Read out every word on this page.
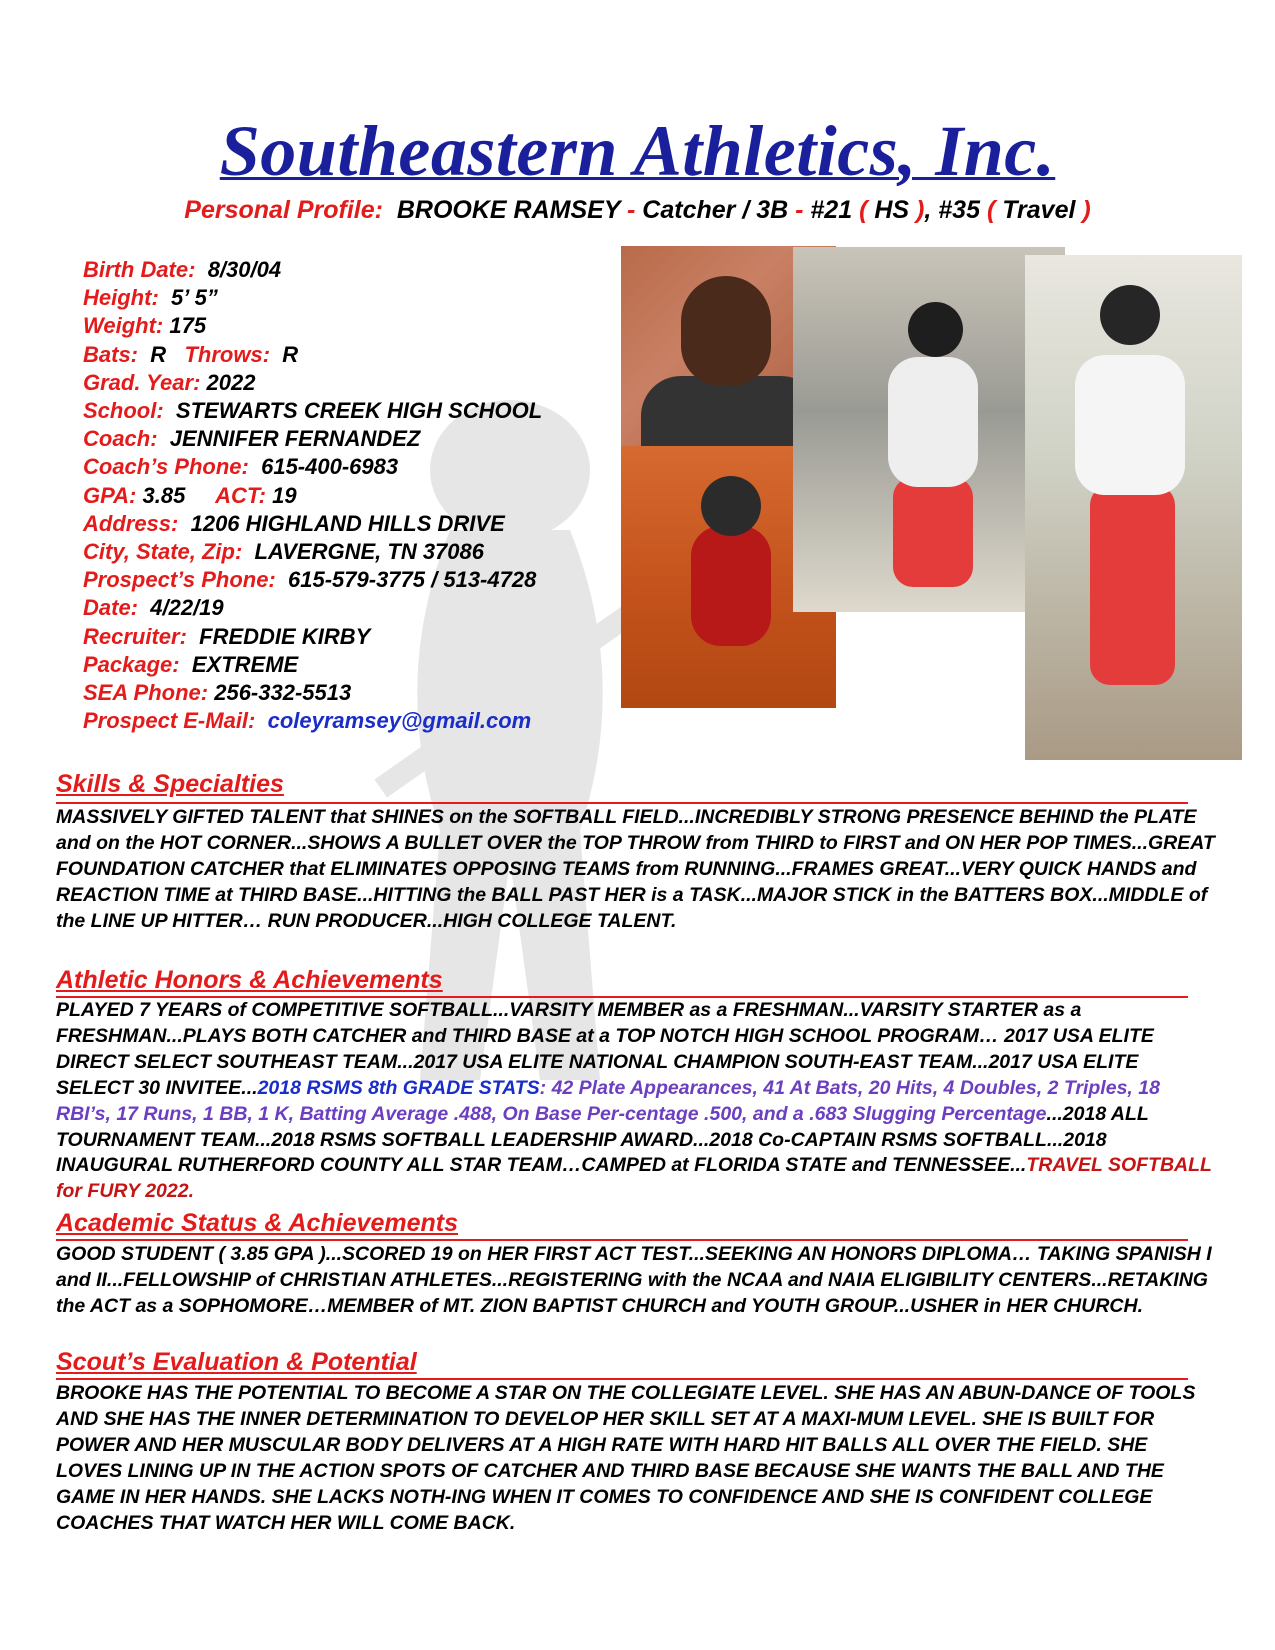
Southeastern Athletics, Inc.
Personal Profile: BROOKE RAMSEY - Catcher / 3B - #21 ( HS ), #35 ( Travel )
Birth Date: 8/30/04
Height: 5’ 5”
Weight: 175
Bats: R Throws: R
Grad. Year: 2022
School: STEWARTS CREEK HIGH SCHOOL
Coach: JENNIFER FERNANDEZ
Coach’s Phone: 615-400-6983
GPA: 3.85 ACT: 19
Address: 1206 HIGHLAND HILLS DRIVE
City, State, Zip: LAVERGNE, TN 37086
Prospect’s Phone: 615-579-3775 / 513-4728
Date: 4/22/19
Recruiter: FREDDIE KIRBY
Package: EXTREME
SEA Phone: 256-332-5513
Prospect E-Mail: coleyramsey@gmail.com
Skills & Specialties
MASSIVELY GIFTED TALENT that SHINES on the SOFTBALL FIELD...INCREDIBLY STRONG PRESENCE BEHIND the PLATE and on the HOT CORNER...SHOWS A BULLET OVER the TOP THROW from THIRD to FIRST and ON HER POP TIMES...GREAT FOUNDATION CATCHER that ELIMINATES OPPOSING TEAMS from RUNNING...FRAMES GREAT...VERY QUICK HANDS and REACTION TIME at THIRD BASE...HITTING the BALL PAST HER is a TASK...MAJOR STICK in the BATTERS BOX...MIDDLE of the LINE UP HITTER… RUN PRODUCER...HIGH COLLEGE TALENT.
Athletic Honors & Achievements
PLAYED 7 YEARS of COMPETITIVE SOFTBALL...VARSITY MEMBER as a FRESHMAN...VARSITY STARTER as a FRESHMAN...PLAYS BOTH CATCHER and THIRD BASE at a TOP NOTCH HIGH SCHOOL PROGRAM… 2017 USA ELITE DIRECT SELECT SOUTHEAST TEAM...2017 USA ELITE NATIONAL CHAMPION SOUTH-EAST TEAM...2017 USA ELITE SELECT 30 INVITEE...2018 RSMS 8th GRADE STATS: 42 Plate Appearances, 41 At Bats, 20 Hits, 4 Doubles, 2 Triples, 18 RBI’s, 17 Runs, 1 BB, 1 K, Batting Average .488, On Base Per-centage .500, and a .683 Slugging Percentage...2018 ALL TOURNAMENT TEAM...2018 RSMS SOFTBALL LEADERSHIP AWARD...2018 Co-CAPTAIN RSMS SOFTBALL...2018 INAUGURAL RUTHERFORD COUNTY ALL STAR TEAM…CAMPED at FLORIDA STATE and TENNESSEE...TRAVEL SOFTBALL for FURY 2022.
Academic Status & Achievements
GOOD STUDENT ( 3.85 GPA )...SCORED 19 on HER FIRST ACT TEST...SEEKING AN HONORS DIPLOMA… TAKING SPANISH I and II...FELLOWSHIP of CHRISTIAN ATHLETES...REGISTERING with the NCAA and NAIA ELIGIBILITY CENTERS...RETAKING the ACT as a SOPHOMORE…MEMBER of MT. ZION BAPTIST CHURCH and YOUTH GROUP...USHER in HER CHURCH.
Scout’s Evaluation & Potential
BROOKE HAS THE POTENTIAL TO BECOME A STAR ON THE COLLEGIATE LEVEL. SHE HAS AN ABUN-DANCE OF TOOLS AND SHE HAS THE INNER DETERMINATION TO DEVELOP HER SKILL SET AT A MAXI-MUM LEVEL. SHE IS BUILT FOR POWER AND HER MUSCULAR BODY DELIVERS AT A HIGH RATE WITH HARD HIT BALLS ALL OVER THE FIELD. SHE LOVES LINING UP IN THE ACTION SPOTS OF CATCHER AND THIRD BASE BECAUSE SHE WANTS THE BALL AND THE GAME IN HER HANDS. SHE LACKS NOTH-ING WHEN IT COMES TO CONFIDENCE AND SHE IS CONFIDENT COLLEGE COACHES THAT WATCH HER WILL COME BACK.
